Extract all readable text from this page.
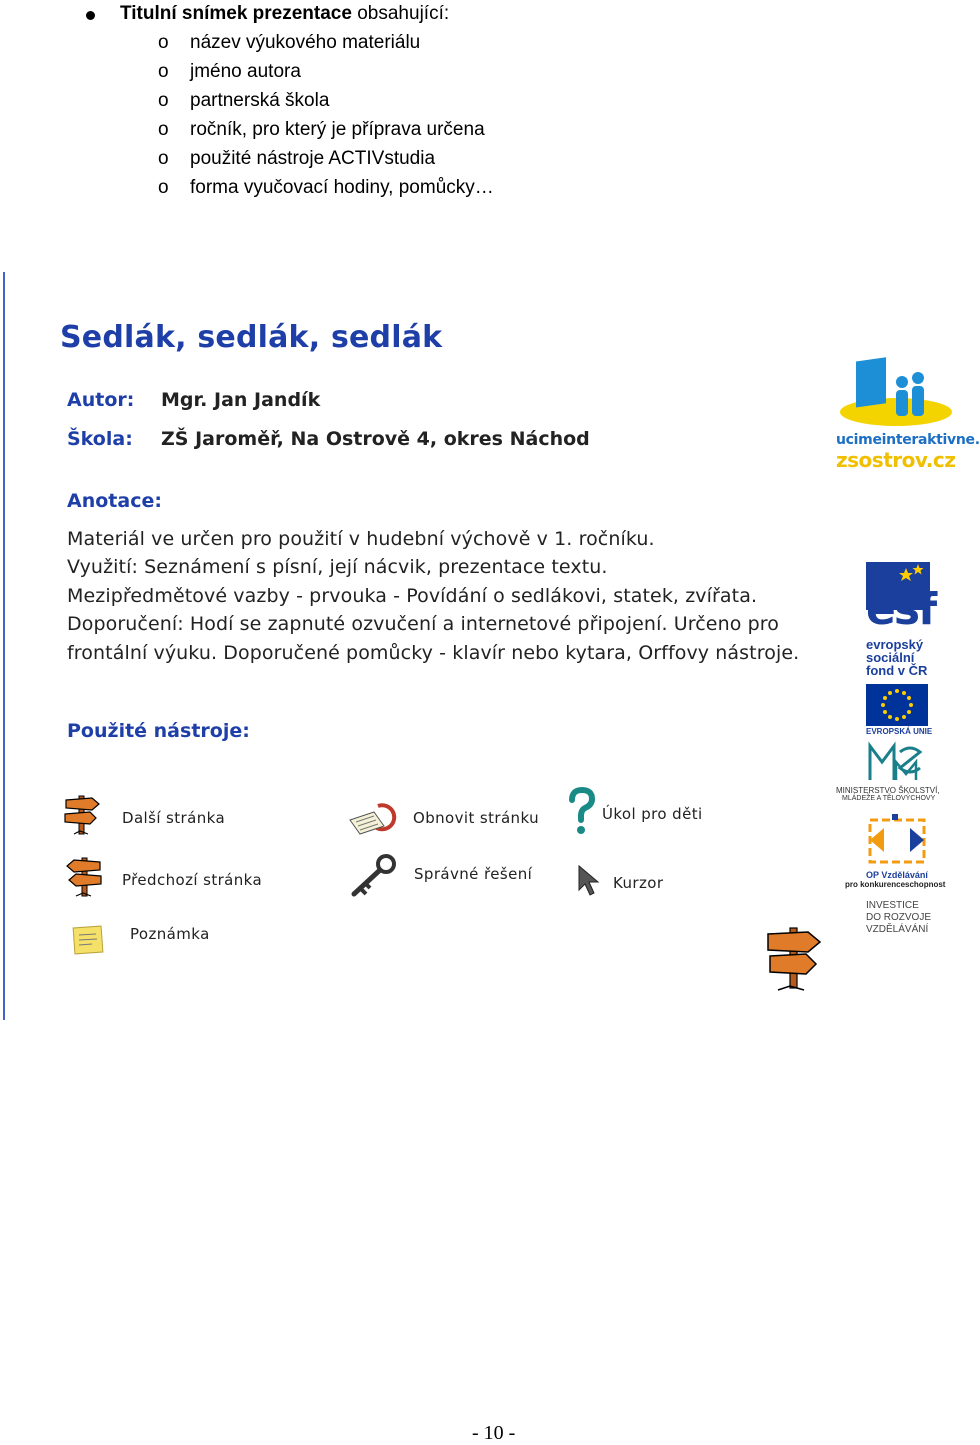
Titulní snímek prezentace obsahující:
o název výukového materiálu
o jméno autora
o partnerská škola
o ročník, pro který je příprava určena
o použité nástroje ACTIVstudia
o forma vyučovací hodiny, pomůcky…
Sedlák, sedlák, sedlák
Autor: Mgr. Jan Jandík
Škola: ZŠ Jaroměř, Na Ostrově 4, okres Náchod
Anotace:
Materiál ve určen pro použití v hudební výchově v 1. ročníku.
Využití: Seznámení s písní, její nácvik, prezentace textu.
Mezipředmětové vazby - prvouka - Povídání o sedlákovi, statek, zvířata.
Doporučení: Hodí se zapnuté ozvučení a internetové připojení. Určeno pro
frontální výuku. Doporučené pomůcky - klavír nebo kytara, Orffovy nástroje.
Použité nástroje:
Další stránka	Obnovit stránku	Úkol pro děti
Předchozí stránka	Správné řešení	Kurzor
Poznámka
ucimeinteraktivne.
zsostrov.cz
esf
evropský
sociální
fond v ČR
EVROPSKÁ UNIE
MINISTERSTVO ŠKOLSTVÍ,
MLÁDEŽE A TĚLOVÝCHOVY
OP Vzdělávání
pro konkurenceschopnost
INVESTICE
DO ROZVOJE
VZDĚLÁVÁNÍ
- 10 -
